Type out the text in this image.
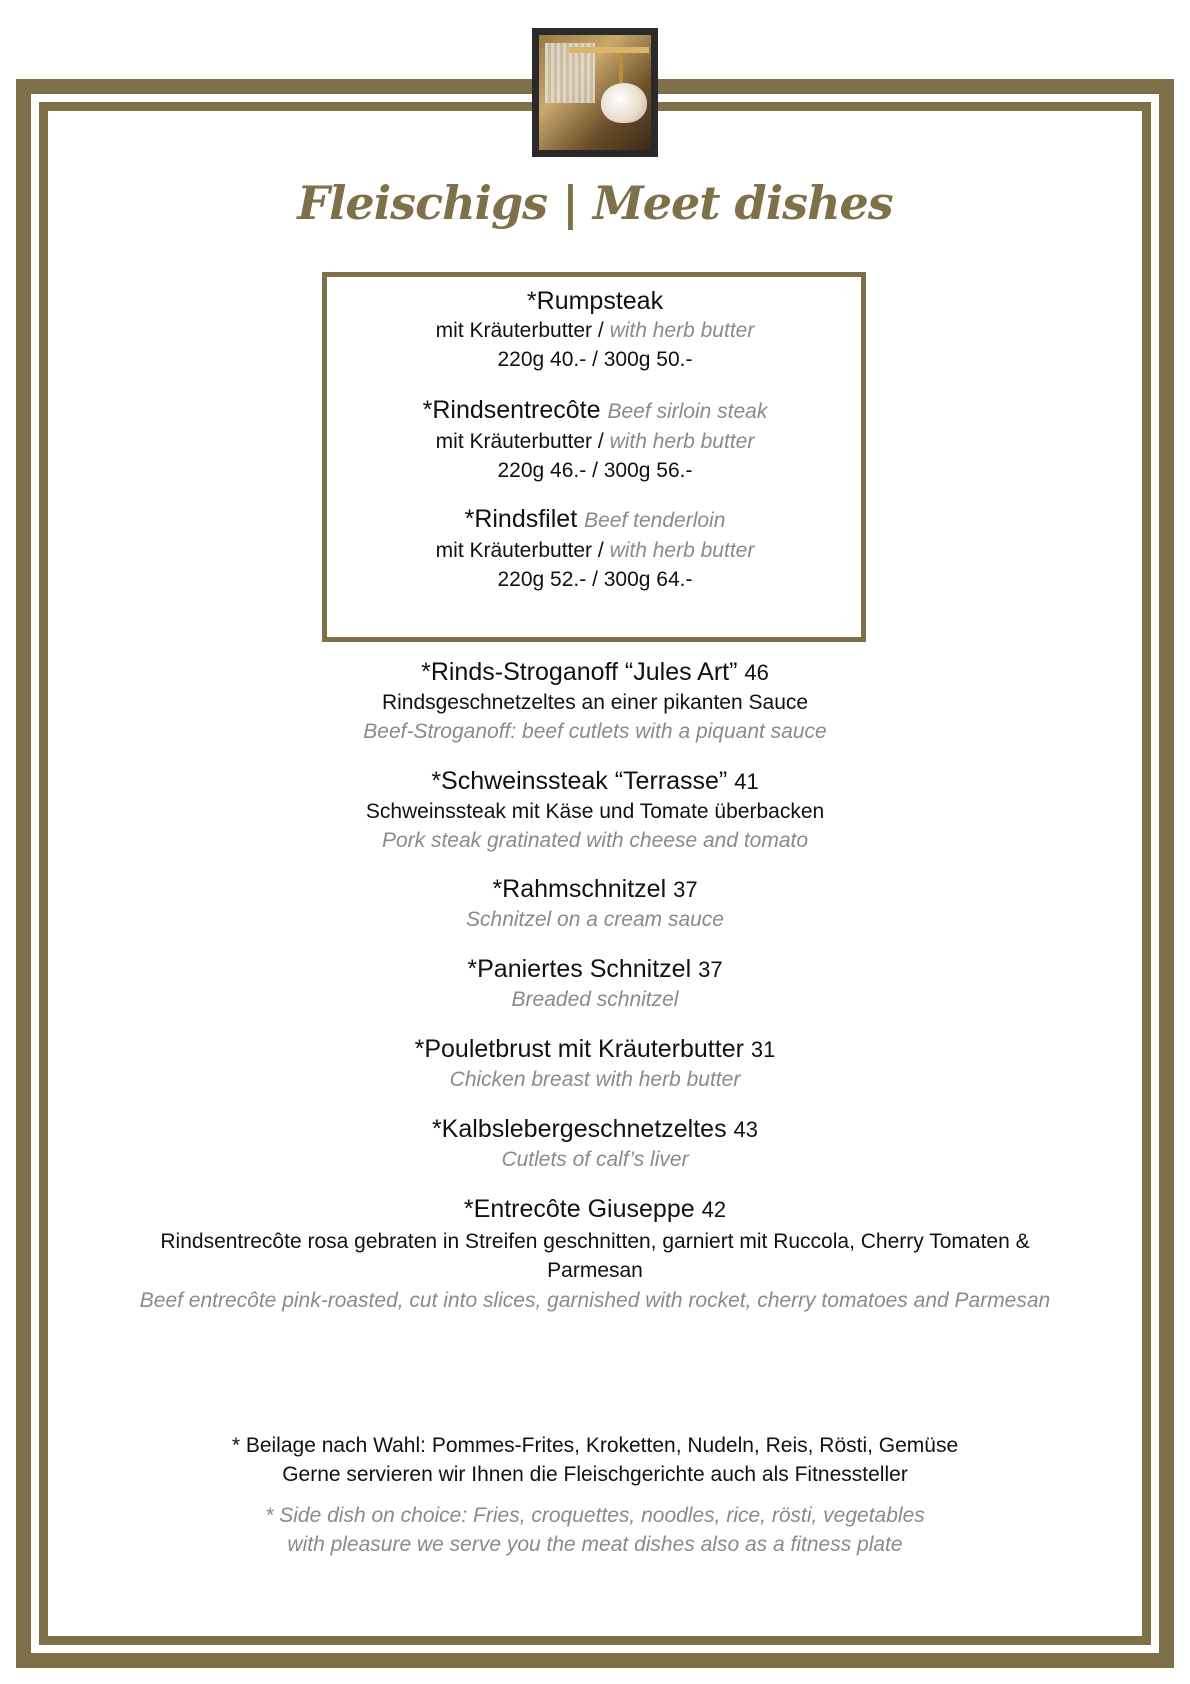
Fleischigs | Meet dishes
*Rumpsteak
mit Kräuterbutter / with herb butter
220g 40.- / 300g 50.-
*Rindsentrecôte Beef sirloin steak
mit Kräuterbutter / with herb butter
220g 46.- / 300g 56.-
*Rindsfilet Beef tenderloin
mit Kräuterbutter / with herb butter
220g 52.- / 300g 64.-
*Rinds-Stroganoff “Jules Art” 46
Rindsgeschnetzeltes an einer pikanten Sauce
Beef-Stroganoff: beef cutlets with a piquant sauce
*Schweinssteak “Terrasse” 41
Schweinssteak mit Käse und Tomate überbacken
Pork steak gratinated with cheese and tomato
*Rahmschnitzel 37
Schnitzel on a cream sauce
*Paniertes Schnitzel 37
Breaded schnitzel
*Pouletbrust mit Kräuterbutter 31
Chicken breast with herb butter
*Kalbslebergeschnetzeltes 43
Cutlets of calf’s liver
*Entrecôte Giuseppe 42
Rindsentrecôte rosa gebraten in Streifen geschnitten, garniert mit Ruccola, Cherry Tomaten & Parmesan
Beef entrecôte pink-roasted, cut into slices, garnished with rocket, cherry tomatoes and Parmesan
* Beilage nach Wahl: Pommes-Frites, Kroketten, Nudeln, Reis, Rösti, Gemüse
Gerne servieren wir Ihnen die Fleischgerichte auch als Fitnessteller
* Side dish on choice: Fries, croquettes, noodles, rice, rösti, vegetables
with pleasure we serve you the meat dishes also as a fitness plate
